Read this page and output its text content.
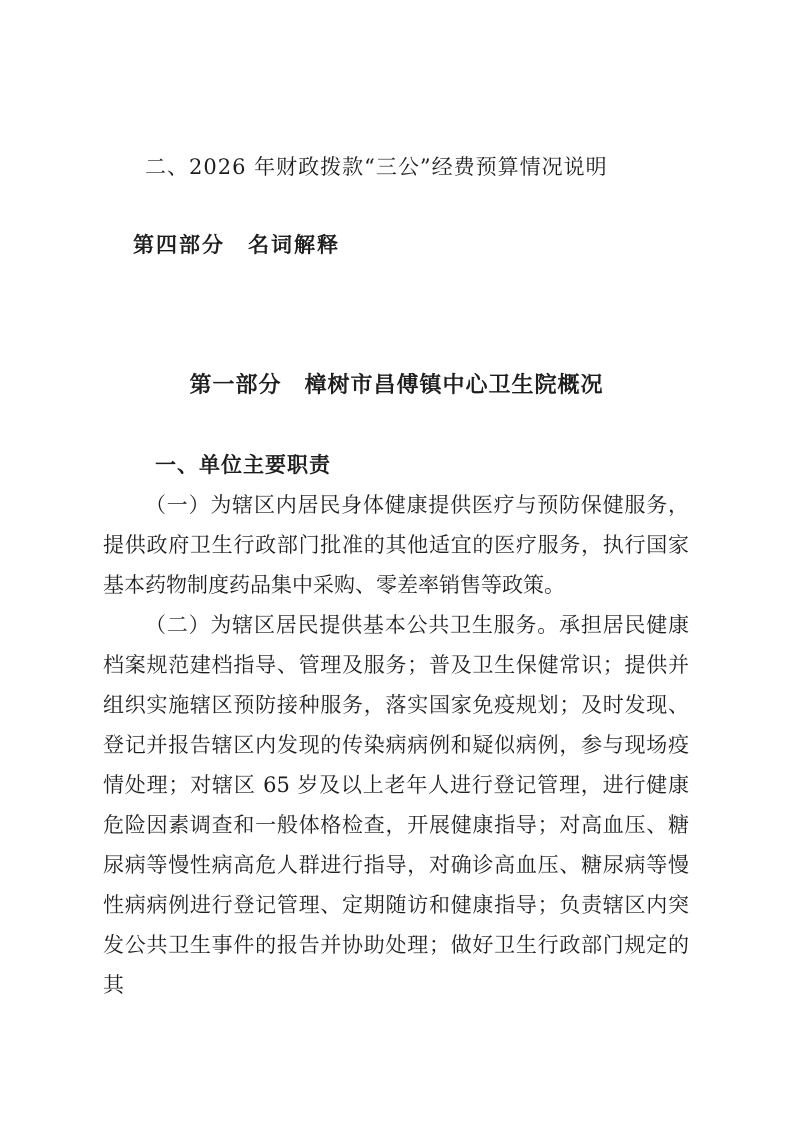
二、2026 年财政拨款“三公”经费预算情况说明

第四部分　名词解释
第一部分　樟树市昌傅镇中心卫生院概况
一、单位主要职责

（一）为辖区内居民身体健康提供医疗与预防保健服务，提供政府卫生行政部门批准的其他适宜的医疗服务，执行国家基本药物制度药品集中采购、零差率销售等政策。

（二）为辖区居民提供基本公共卫生服务。承担居民健康档案规范建档指导、管理及服务；普及卫生保健常识；提供并组织实施辖区预防接种服务，落实国家免疫规划；及时发现、登记并报告辖区内发现的传染病病例和疑似病例，参与现场疫情处理；对辖区 65 岁及以上老年人进行登记管理，进行健康危险因素调查和一般体格检查，开展健康指导；对高血压、糖尿病等慢性病高危人群进行指导，对确诊高血压、糖尿病等慢性病病例进行登记管理、定期随访和健康指导；负责辖区内突发公共卫生事件的报告并协助处理；做好卫生行政部门规定的其
